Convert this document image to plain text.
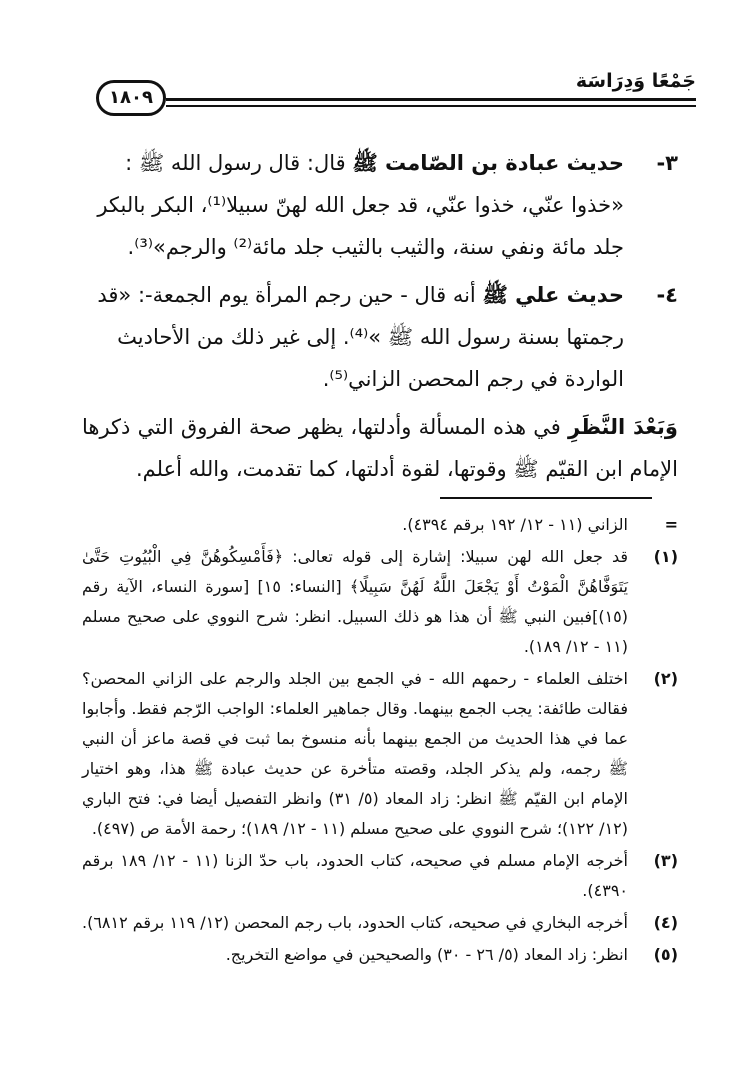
جَمْعًا وَدِرَاسَة
١٨٠٩
٣-
حديث عبادة بن الصّامت ﷺ قال: قال رسول الله ﷺ : «خذوا عنّي، خذوا عنّي، قد جعل الله لهنّ سبيلا⁽¹⁾، البكر بالبكر جلد مائة ونفي سنة، والثيب بالثيب جلد مائة⁽²⁾ والرجم»⁽³⁾.
٤-
حديث علي ﷺ أنه قال - حين رجم المرأة يوم الجمعة-: «قد رجمتها بسنة رسول الله ﷺ »⁽⁴⁾. إلى غير ذلك من الأحاديث الواردة في رجم المحصن الزاني⁽⁵⁾.
وَبَعْدَ النَّظَرِ في هذه المسألة وأدلتها، يظهر صحة الفروق التي ذكرها الإمام ابن القيّم ﷺ وقوتها، لقوة أدلتها، كما تقدمت، والله أعلم.
=
الزاني (١١ - ١٢/ ١٩٢ برقم ٤٣٩٤).
(١)
قد جعل الله لهن سبيلا: إشارة إلى قوله تعالى: ﴿فَأَمْسِكُوهُنَّ فِي الْبُيُوتِ حَتَّىٰ يَتَوَفَّاهُنَّ الْمَوْتُ أَوْ يَجْعَلَ اللَّهُ لَهُنَّ سَبِيلًا﴾ [النساء: ١٥] [سورة النساء، الآية رقم (١٥)]فبين النبي ﷺ أن هذا هو ذلك السبيل. انظر: شرح النووي على صحيح مسلم (١١ - ١٢/ ١٨٩).
(٢)
اختلف العلماء - رحمهم الله - في الجمع بين الجلد والرجم على الزاني المحصن؟ فقالت طائفة: يجب الجمع بينهما. وقال جماهير العلماء: الواجب الرّجم فقط. وأجابوا عما في هذا الحديث من الجمع بينهما بأنه منسوخ بما ثبت في قصة ماعز أن النبي ﷺ رجمه، ولم يذكر الجلد، وقصته متأخرة عن حديث عبادة ﷺ هذا، وهو اختيار الإمام ابن القيّم ﷺ انظر: زاد المعاد (٥/ ٣١) وانظر التفصيل أيضا في: فتح الباري (١٢/ ١٢٢)؛ شرح النووي على صحيح مسلم (١١ - ١٢/ ١٨٩)؛ رحمة الأمة ص (٤٩٧).
(٣)
أخرجه الإمام مسلم في صحيحه، كتاب الحدود، باب حدّ الزنا (١١ - ١٢/ ١٨٩ برقم ٤٣٩٠).
(٤)
أخرجه البخاري في صحيحه، كتاب الحدود، باب رجم المحصن (١٢/ ١١٩ برقم ٦٨١٢).
(٥)
انظر: زاد المعاد (٥/ ٢٦ - ٣٠) والصحيحين في مواضع التخريج.
